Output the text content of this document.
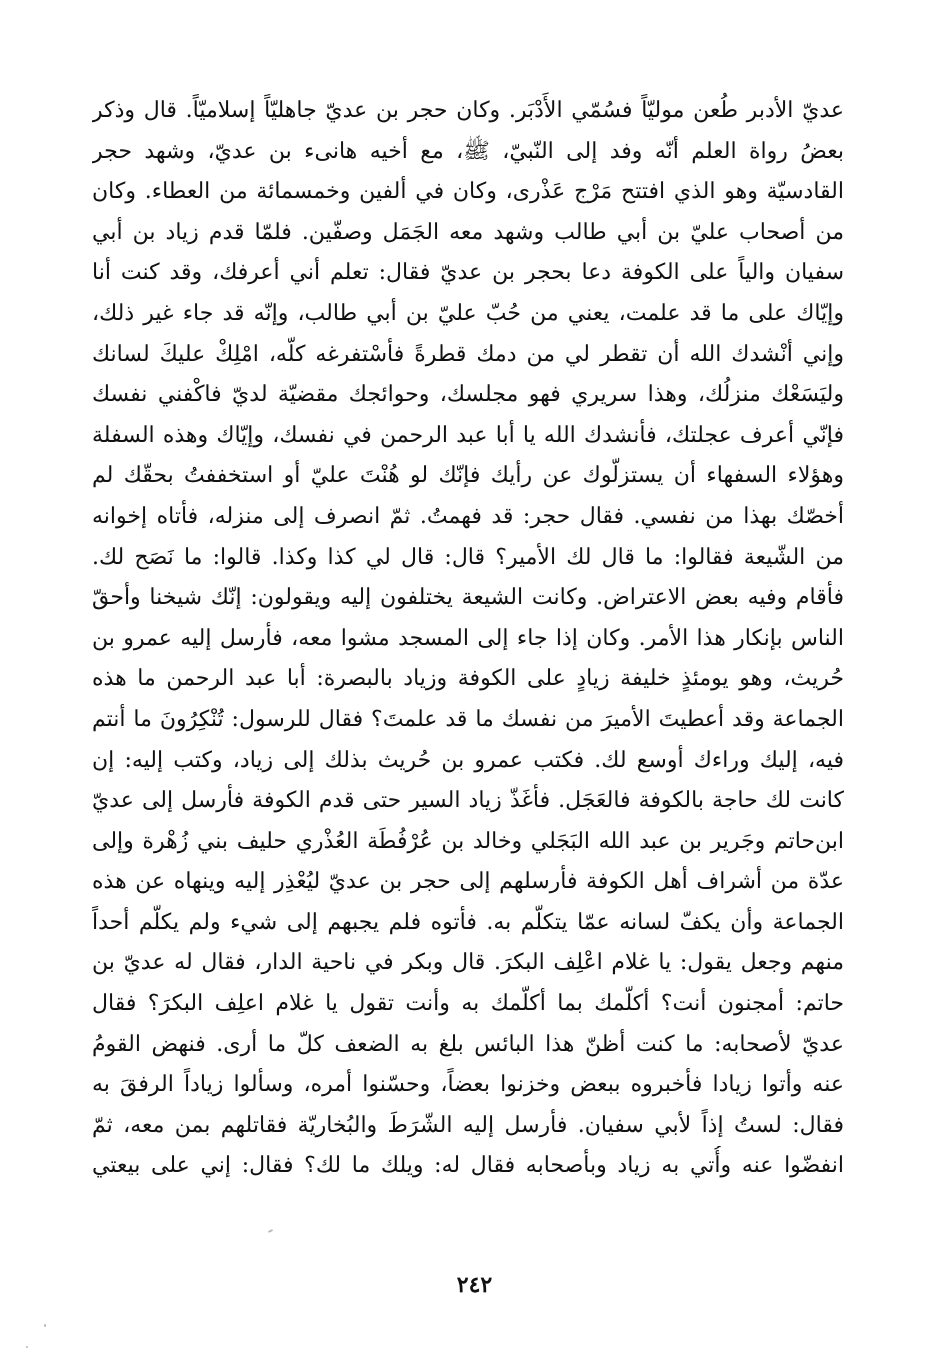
عديّ الأدبر طُعن موليّاً فسُمّي الأَدْبَر. وكان حجر بن عديّ جاهليّاً إسلاميّاً. قال وذكر
بعضُ رواة العلم أنّه وفد إلى النّبيّ، ﷺ، مع أخيه هانىء بن عديّ، وشهد حجر
القادسيّة وهو الذي افتتح مَرْج عَذْرى، وكان في ألفين وخمسمائة من العطاء. وكان
من أصحاب عليّ بن أبي طالب وشهد معه الجَمَل وصفّين. فلمّا قدم زياد بن أبي
سفيان والياً على الكوفة دعا بحجر بن عديّ فقال: تعلم أني أعرفك، وقد كنت أنا
وإيّاك على ما قد علمت، يعني من حُبّ عليّ بن أبي طالب، وإنّه قد جاء غير ذلك،
وإني أنْشدك الله أن تقطر لي من دمك قطرةً فأسْتفرغه كلّه، امْلِكْ عليكَ لسانك
وليَسَعْك منزلُك، وهذا سريري فهو مجلسك، وحوائجك مقضيّة لديّ فاكْفني نفسك
فإنّي أعرف عجلتك، فأنشدك الله يا أبا عبد الرحمن في نفسك، وإيّاك وهذه السفلة
وهؤلاء السفهاء أن يستزلّوك عن رأيك فإنّك لو هُنْتَ عليّ أو استخففتُ بحقّك لم
أخصّك بهذا من نفسي. فقال حجر: قد فهمتُ. ثمّ انصرف إلى منزله، فأتاه إخوانه
من الشّيعة فقالوا: ما قال لك الأمير؟ قال: قال لي كذا وكذا. قالوا: ما نَصَح لك.
فأقام وفيه بعض الاعتراض. وكانت الشيعة يختلفون إليه ويقولون: إنّك شيخنا وأحقّ
الناس بإنكار هذا الأمر. وكان إذا جاء إلى المسجد مشوا معه، فأرسل إليه عمرو بن
حُريث، وهو يومئذٍ خليفة زيادٍ على الكوفة وزياد بالبصرة: أبا عبد الرحمن ما هذه
الجماعة وقد أعطيتَ الأميرَ من نفسك ما قد علمتَ؟ فقال للرسول: تُنْكِرُونَ ما أنتم
فيه، إليك وراءك أوسع لك. فكتب عمرو بن حُريث بذلك إلى زياد، وكتب إليه: إن
كانت لك حاجة بالكوفة فالعَجَل. فأغَذّ زياد السير حتى قدم الكوفة فأرسل إلى عديّ
ابن‌حاتم وجَرير بن عبد الله البَجَلي وخالد بن عُرْفُطَة العُذْري حليف بني زُهْرة وإلى
عدّة من أشراف أهل الكوفة فأرسلهم إلى حجر بن عديّ ليُعْذِر إليه وينهاه عن هذه
الجماعة وأن يكفّ لسانه عمّا يتكلّم به. فأتوه فلم يجبهم إلى شيء ولم يكلّم أحداً
منهم وجعل يقول: يا غلام اعْلِف البكرَ. قال وبكر في ناحية الدار، فقال له عديّ بن
حاتم: أمجنون أنت؟ أكلّمك بما أكلّمك به وأنت تقول يا غلام اعلِف البكرَ؟ فقال
عديّ لأصحابه: ما كنت أظنّ هذا البائس بلغ به الضعف كلّ ما أرى. فنهض القومُ
عنه وأتوا زيادا فأخبروه ببعض وخزنوا بعضاً، وحسّنوا أمره، وسألوا زياداً الرفقَ به
فقال: لستُ إذاً لأبي سفيان. فأرسل إليه الشّرَطَ والبُخاريّة فقاتلهم بمن معه، ثمّ
انفضّوا عنه وأُتي به زياد وبأصحابه فقال له: ويلك ما لك؟ فقال: إني على بيعتي
٢٤٢
